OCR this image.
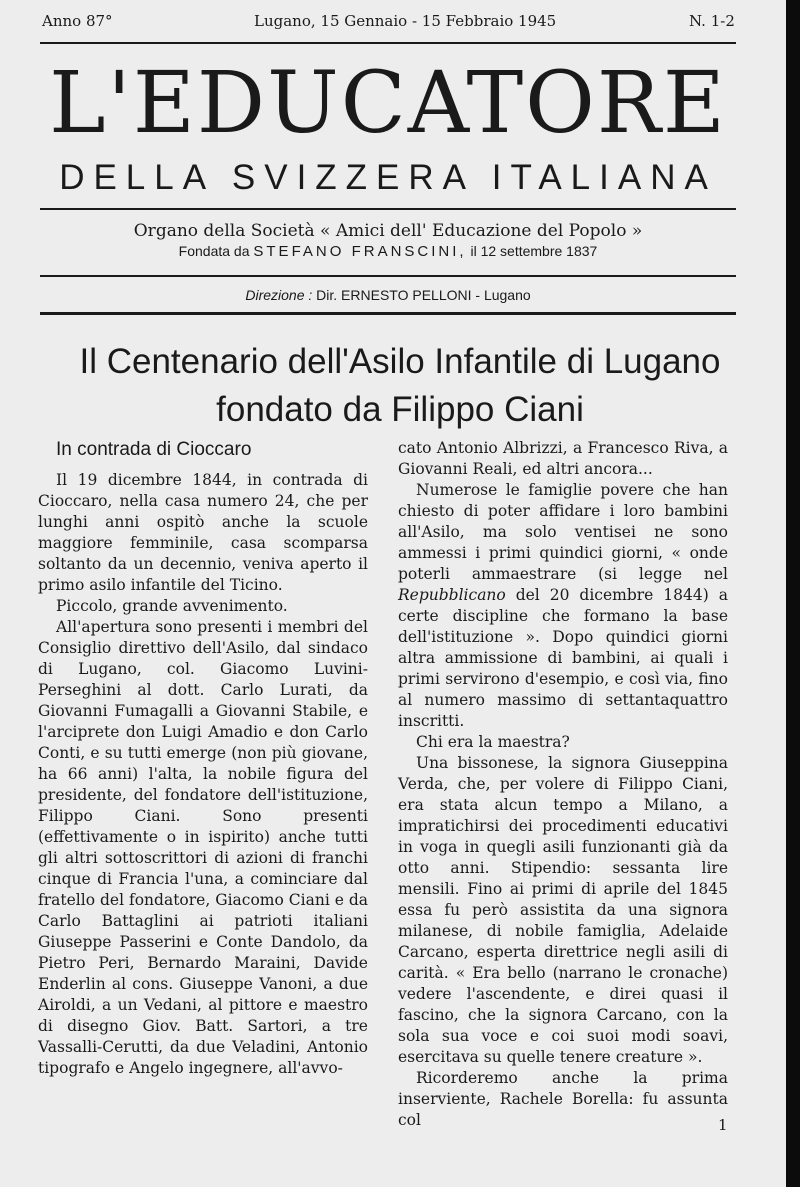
Anno 87°	Lugano, 15 Gennaio - 15 Febbraio 1945	N. 1-2
L'EDUCATORE
DELLA SVIZZERA ITALIANA
Organo della Società « Amici dell' Educazione del Popolo »
Fondata da STEFANO FRANSCINI, il 12 settembre 1837
Direzione : Dir. ERNESTO PELLONI - Lugano
Il Centenario dell'Asilo Infantile di Lugano
fondato da Filippo Ciani
In contrada di Cioccaro

Il 19 dicembre 1844, in contrada di Cioccaro, nella casa numero 24, che per lunghi anni ospitò anche la scuole maggiore femminile, casa scomparsa soltanto da un decennio, veniva aperto il primo asilo infantile del Ticino.

Piccolo, grande avvenimento.

All'apertura sono presenti i membri del Consiglio direttivo dell'Asilo, dal sindaco di Lugano, col. Giacomo Luvini-Perseghini al dott. Carlo Lurati, da Giovanni Fumagalli a Giovanni Stabile, e l'arciprete don Luigi Amadio e don Carlo Conti, e su tutti emerge (non più giovane, ha 66 anni) l'alta, la nobile figura del presidente, del fondatore dell'istituzione, Filippo Ciani. Sono presenti (effettivamente o in ispirito) anche tutti gli altri sottoscrittori di azioni di franchi cinque di Francia l'una, a cominciare dal fratello del fondatore, Giacomo Ciani e da Carlo Battaglini ai patrioti italiani Giuseppe Passerini e Conte Dandolo, da Pietro Peri, Bernardo Maraini, Davide Enderlin al cons. Giuseppe Vanoni, a due Airoldi, a un Vedani, al pittore e maestro di disegno Giov. Batt. Sartori, a tre Vassalli-Cerutti, da due Veladini, Antonio tipografo e Angelo ingegnere, all'avvo-

cato Antonio Albrizzi, a Francesco Riva, a Giovanni Reali, ed altri ancora...

Numerose le famiglie povere che han chiesto di poter affidare i loro bambini all'Asilo, ma solo ventisei ne sono ammessi i primi quindici giorni, « onde poterli ammaestrare (si legge nel Repubblicano del 20 dicembre 1844) a certe discipline che formano la base dell'istituzione ». Dopo quindici giorni altra ammissione di bambini, ai quali i primi servirono d'esempio, e così via, fino al numero massimo di settantaquattro inscritti.

Chi era la maestra?

Una bissonese, la signora Giuseppina Verda, che, per volere di Filippo Ciani, era stata alcun tempo a Milano, a impratichirsi dei procedimenti educativi in voga in quegli asili funzionanti già da otto anni. Stipendio: sessanta lire mensili. Fino ai primi di aprile del 1845 essa fu però assistita da una signora milanese, di nobile famiglia, Adelaide Carcano, esperta direttrice negli asili di carità. « Era bello (narrano le cronache) vedere l'ascendente, e direi quasi il fascino, che la signora Carcano, con la sola sua voce e coi suoi modi soavi, esercitava su quelle tenere creature ».

Ricorderemo anche la prima inserviente, Rachele Borella: fu assunta col	1
